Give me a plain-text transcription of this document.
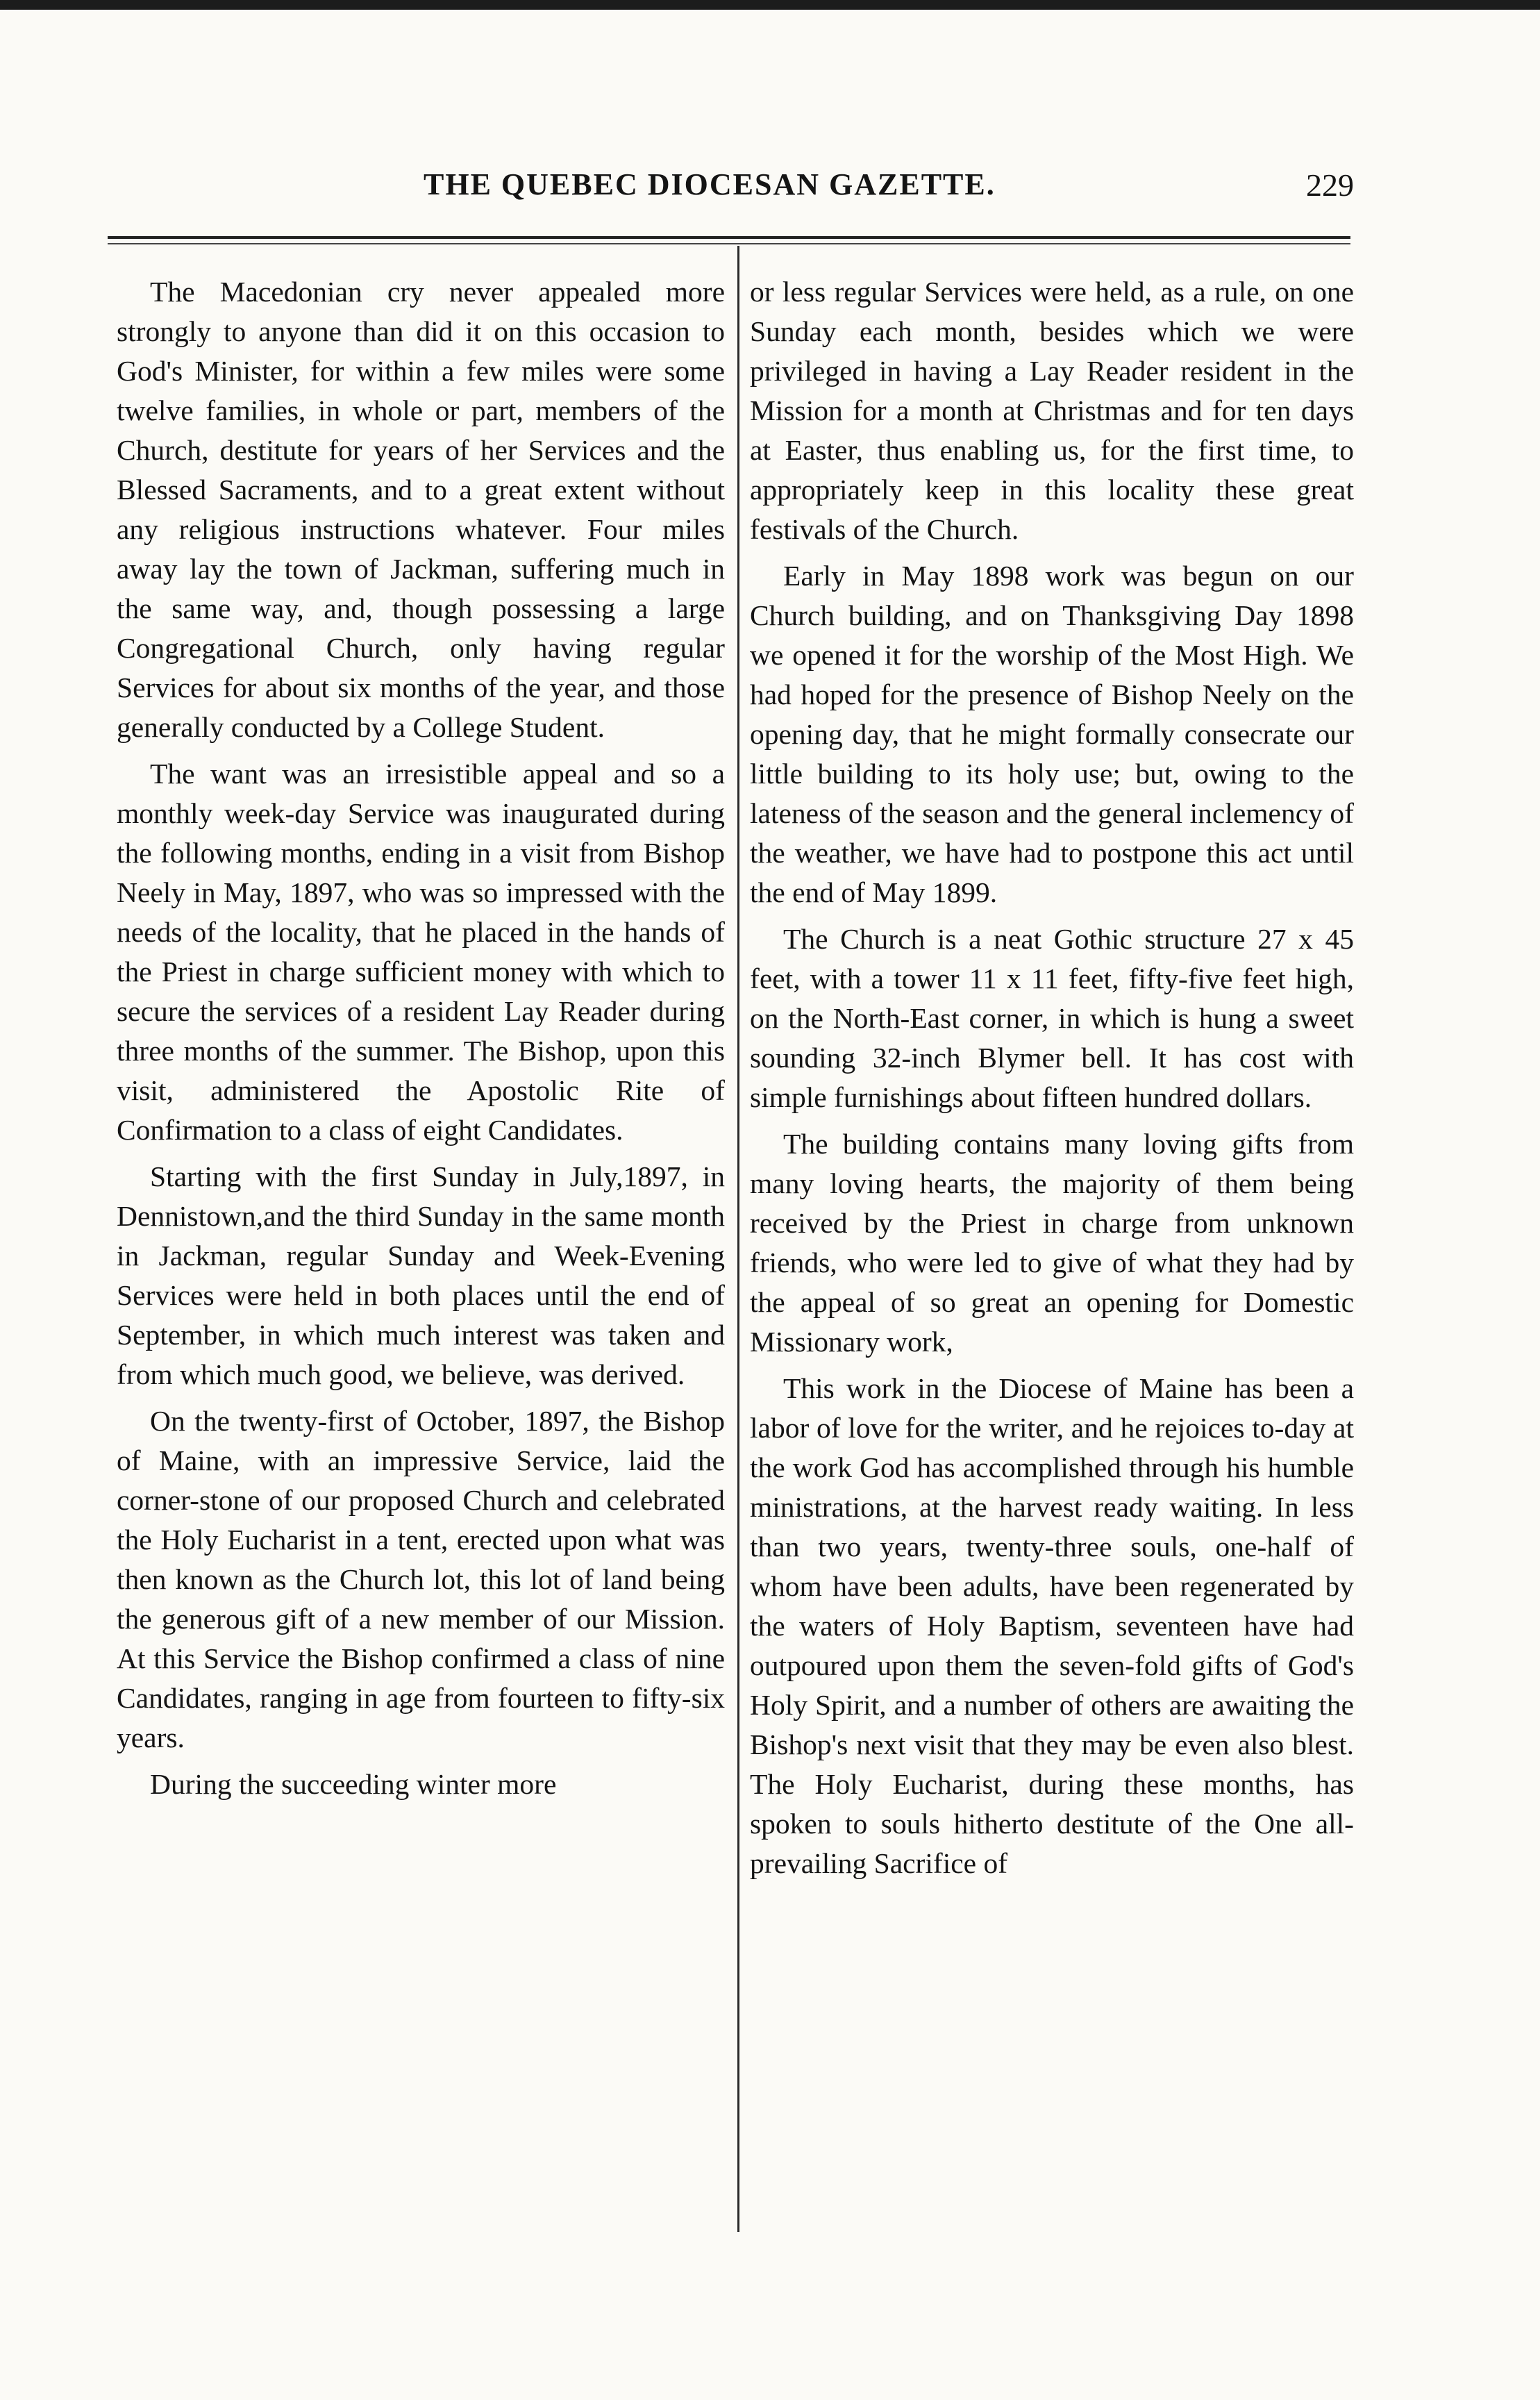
THE QUEBEC DIOCESAN GAZETTE.	229

The Macedonian cry never appealed more strongly to anyone than did it on this occasion to God's Minister, for within a few miles were some twelve families, in whole or part, members of the Church, destitute for years of her Services and the Blessed Sacraments, and to a great extent without any religious instructions whatever. Four miles away lay the town of Jackman, suffering much in the same way, and, though possessing a large Congregational Church, only having regular Services for about six months of the year, and those generally conducted by a College Student.

The want was an irresistible appeal and so a monthly week-day Service was inaugurated during the following months, ending in a visit from Bishop Neely in May, 1897, who was so impressed with the needs of the locality, that he placed in the hands of the Priest in charge sufficient money with which to secure the services of a resident Lay Reader during three months of the summer. The Bishop, upon this visit, administered the Apostolic Rite of Confirmation to a class of eight Candidates.

Starting with the first Sunday in July,1897, in Dennistown,and the third Sunday in the same month in Jackman, regular Sunday and Week-Evening Services were held in both places until the end of September, in which much interest was taken and from which much good, we believe, was derived.

On the twenty-first of October, 1897, the Bishop of Maine, with an impressive Service, laid the corner-stone of our proposed Church and celebrated the Holy Eucharist in a tent, erected upon what was then known as the Church lot, this lot of land being the generous gift of a new member of our Mission. At this Service the Bishop confirmed a class of nine Candidates, ranging in age from fourteen to fifty-six years.

During the succeeding winter more

or less regular Services were held, as a rule, on one Sunday each month, besides which we were privileged in having a Lay Reader resident in the Mission for a month at Christmas and for ten days at Easter, thus enabling us, for the first time, to appropriately keep in this locality these great festivals of the Church.

Early in May 1898 work was begun on our Church building, and on Thanksgiving Day 1898 we opened it for the worship of the Most High. We had hoped for the presence of Bishop Neely on the opening day, that he might formally consecrate our little building to its holy use; but, owing to the lateness of the season and the general inclemency of the weather, we have had to postpone this act until the end of May 1899.

The Church is a neat Gothic structure 27 x 45 feet, with a tower 11 x 11 feet, fifty-five feet high, on the North-East corner, in which is hung a sweet sounding 32-inch Blymer bell. It has cost with simple furnishings about fifteen hundred dollars.

The building contains many loving gifts from many loving hearts, the majority of them being received by the Priest in charge from unknown friends, who were led to give of what they had by the appeal of so great an opening for Domestic Missionary work,

This work in the Diocese of Maine has been a labor of love for the writer, and he rejoices to-day at the work God has accomplished through his humble ministrations, at the harvest ready waiting. In less than two years, twenty-three souls, one-half of whom have been adults, have been regenerated by the waters of Holy Baptism, seventeen have had outpoured upon them the seven-fold gifts of God's Holy Spirit, and a number of others are awaiting the Bishop's next visit that they may be even also blest. The Holy Eucharist, during these months, has spoken to souls hitherto destitute of the One all-prevailing Sacrifice of
